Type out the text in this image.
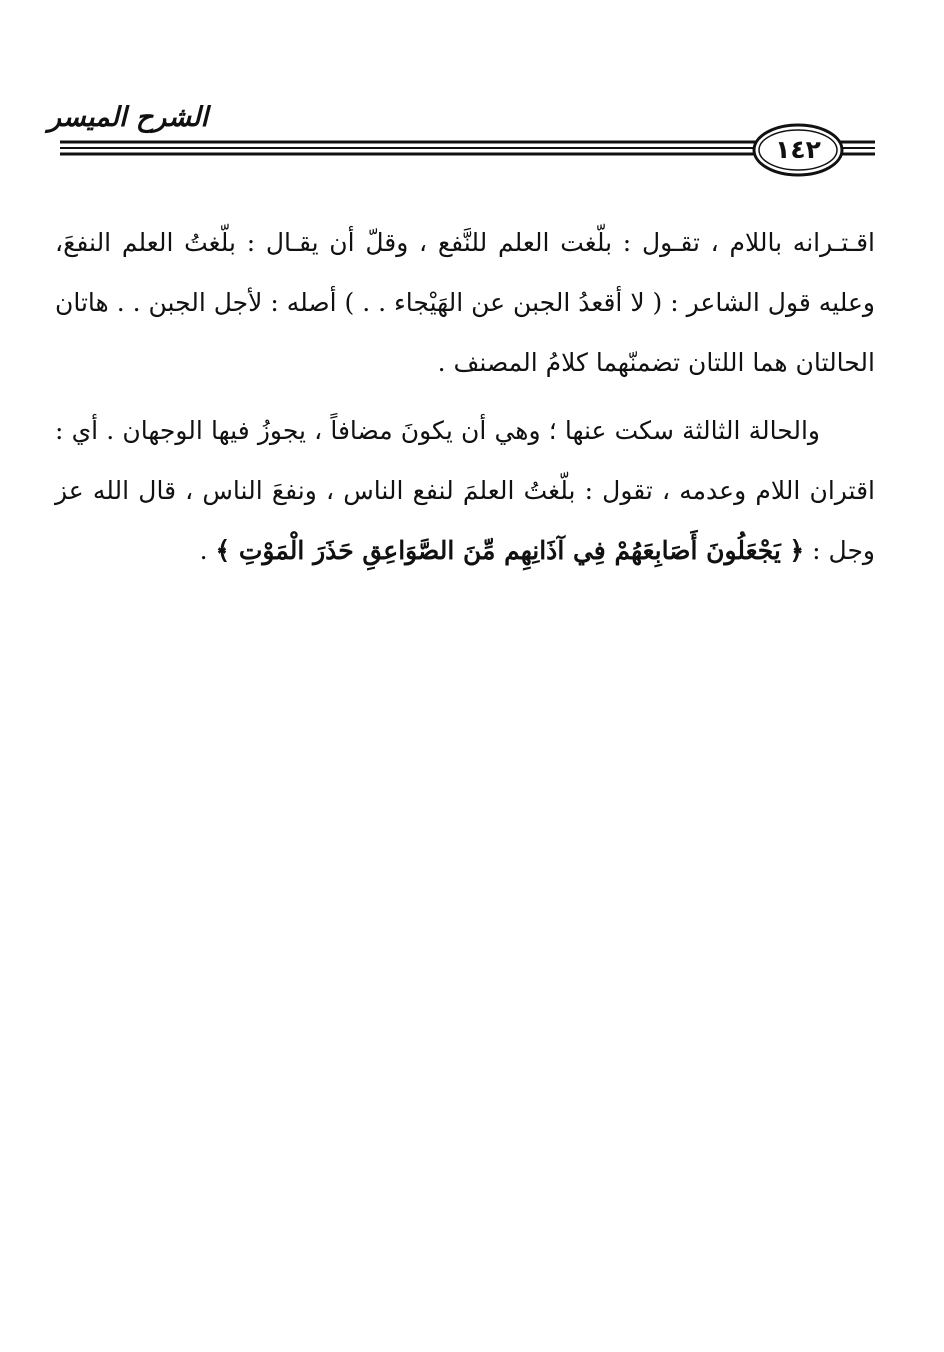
الشرح الميسر
١٤٢

اقـتـرانه باللام ، تقـول : بلّغت العلم للنَّفع ، وقلّ أن يقـال : بلّغتُ العلم النفعَ، وعليه قول الشاعر : ( لا أقعدُ الجبن عن الهَيْجاء . . ) أصله : لأجل الجبن . . هاتان الحالتان هما اللتان تضمنّهما كلامُ المصنف .

والحالة الثالثة سكت عنها ؛ وهي أن يكونَ مضافاً ، يجوزُ فيها الوجهان . أي : اقتران اللام وعدمه ، تقول : بلّغتُ العلمَ لنفع الناس ، ونفعَ الناس ، قال الله عز وجل : ﴿ يَجْعَلُونَ أَصَابِعَهُمْ فِي آذَانِهِم مِّنَ الصَّوَاعِقِ حَذَرَ الْمَوْتِ ﴾ .
